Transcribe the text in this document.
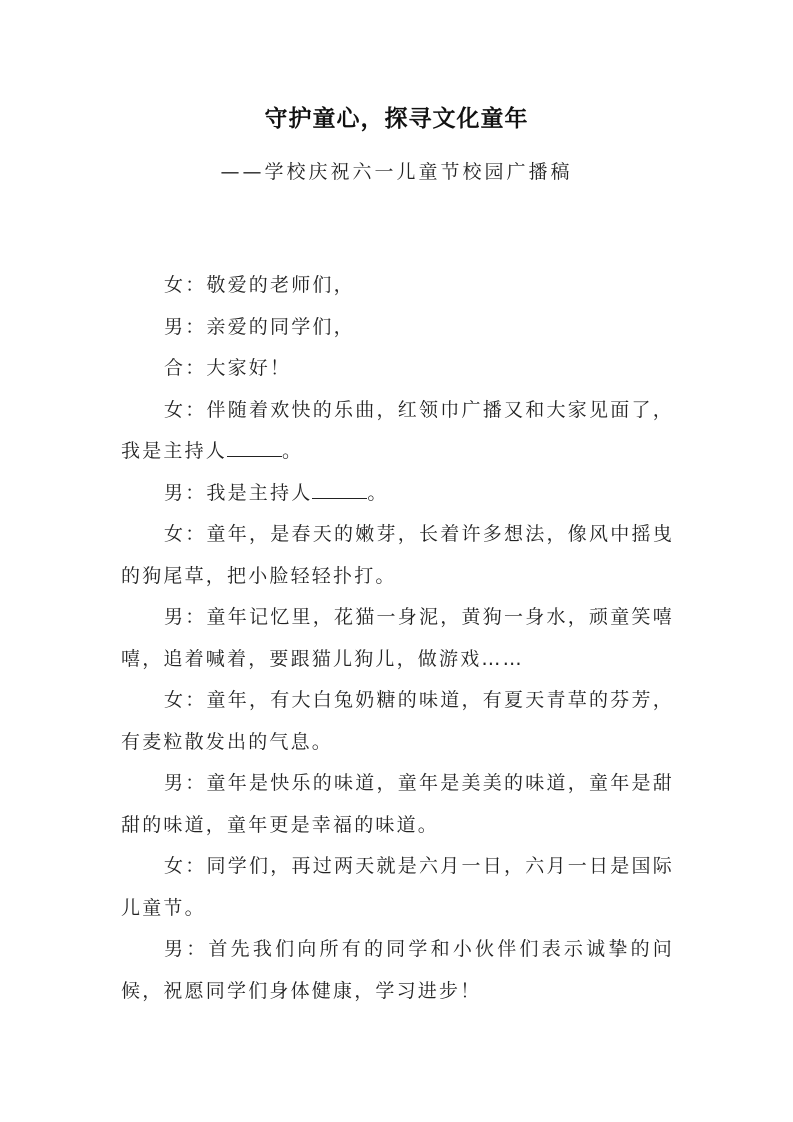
守护童心，探寻文化童年
——学校庆祝六一儿童节校园广播稿

女：敬爱的老师们，

男：亲爱的同学们，

合：大家好！

女：伴随着欢快的乐曲，红领巾广播又和大家见面了，我是主持人	。

男：我是主持人	。

女：童年，是春天的嫩芽，长着许多想法，像风中摇曳的狗尾草，把小脸轻轻扑打。

男：童年记忆里，花猫一身泥，黄狗一身水，顽童笑嘻嘻，追着喊着，要跟猫儿狗儿，做游戏……

女：童年，有大白兔奶糖的味道，有夏天青草的芬芳，有麦粒散发出的气息。

男：童年是快乐的味道，童年是美美的味道，童年是甜甜的味道，童年更是幸福的味道。

女：同学们，再过两天就是六月一日，六月一日是国际儿童节。

男：首先我们向所有的同学和小伙伴们表示诚挚的问候，祝愿同学们身体健康，学习进步！
